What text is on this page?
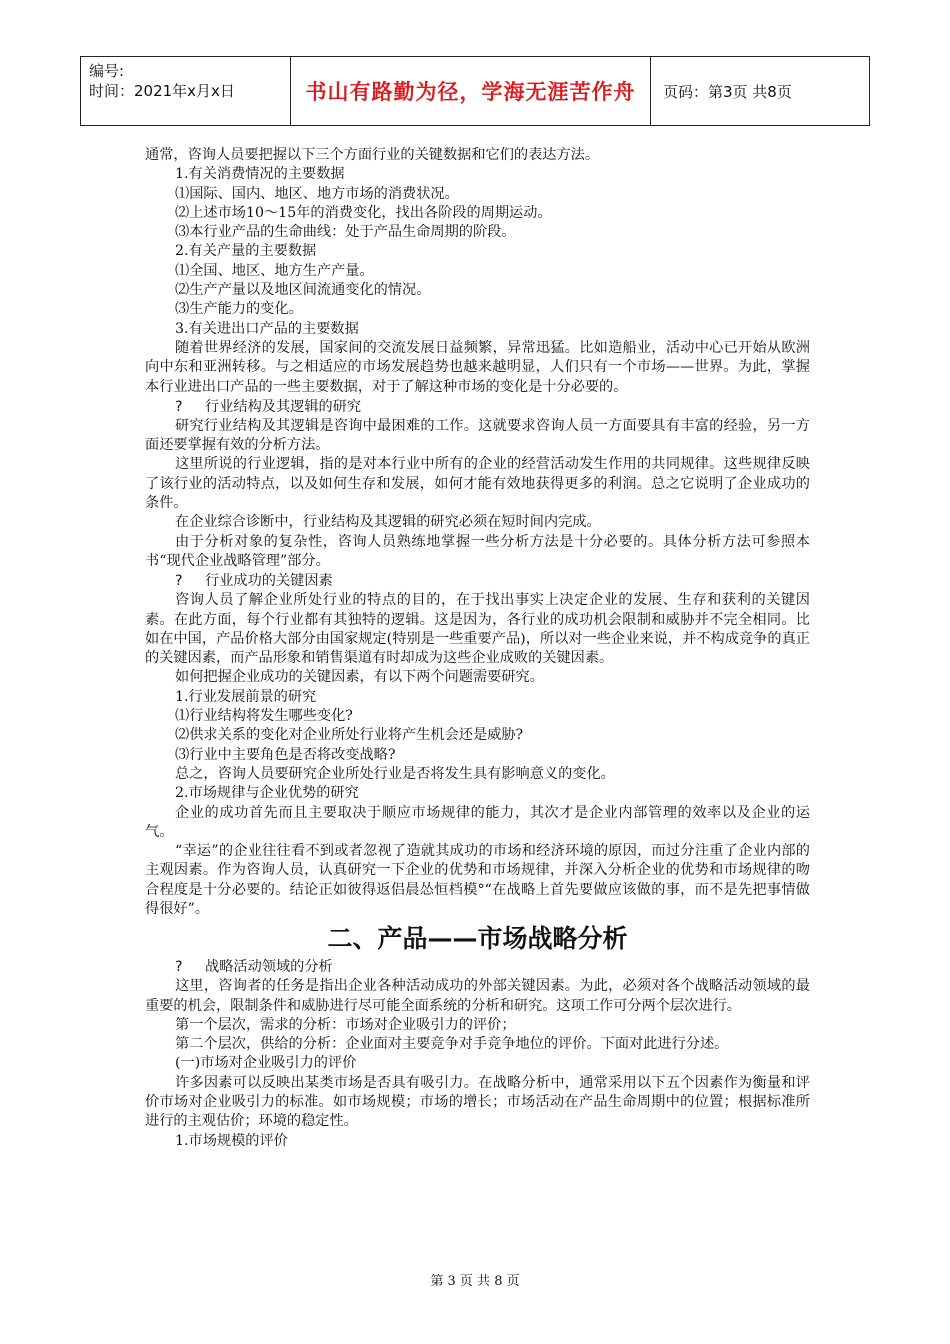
编号:
时间：2021年x月x日	书山有路勤为径，学海无涯苦作舟	页码：第3页 共8页

通常，咨询人员要把握以下三个方面行业的关键数据和它们的表达方法。

1.有关消费情况的主要数据

⑴国际、国内、地区、地方市场的消费状况。

⑵上述市场10～15年的消费变化，找出各阶段的周期运动。

⑶本行业产品的生命曲线：处于产品生命周期的阶段。

2.有关产量的主要数据

⑴全国、地区、地方生产产量。

⑵生产产量以及地区间流通变化的情况。

⑶生产能力的变化。

3.有关进出口产品的主要数据

随着世界经济的发展，国家间的交流发展日益频繁，异常迅猛。比如造船业，活动中心已开始从欧洲向中东和亚洲转移。与之相适应的市场发展趋势也越来越明显，人们只有一个市场——世界。为此，掌握本行业进出口产品的一些主要数据，对于了解这种市场的变化是十分必要的。

? 行业结构及其逻辑的研究

研究行业结构及其逻辑是咨询中最困难的工作。这就要求咨询人员一方面要具有丰富的经验，另一方面还要掌握有效的分析方法。

这里所说的行业逻辑，指的是对本行业中所有的企业的经营活动发生作用的共同规律。这些规律反映了该行业的活动特点，以及如何生存和发展，如何才能有效地获得更多的利润。总之它说明了企业成功的条件。

在企业综合诊断中，行业结构及其逻辑的研究必须在短时间内完成。

由于分析对象的复杂性，咨询人员熟练地掌握一些分析方法是十分必要的。具体分析方法可参照本书“现代企业战略管理”部分。

? 行业成功的关键因素

咨询人员了解企业所处行业的特点的目的，在于找出事实上决定企业的发展、生存和获利的关键因素。在此方面，每个行业都有其独特的逻辑。这是因为，各行业的成功机会限制和威胁并不完全相同。比如在中国，产品价格大部分由国家规定(特别是一些重要产品)，所以对一些企业来说，并不构成竞争的真正的关键因素，而产品形象和销售渠道有时却成为这些企业成败的关键因素。

如何把握企业成功的关键因素，有以下两个问题需要研究。

1.行业发展前景的研究

⑴行业结构将发生哪些变化?

⑵供求关系的变化对企业所处行业将产生机会还是威胁?

⑶行业中主要角色是否将改变战略?

总之，咨询人员要研究企业所处行业是否将发生具有影响意义的变化。

2.市场规律与企业优势的研究

企业的成功首先而且主要取决于顺应市场规律的能力，其次才是企业内部管理的效率以及企业的运气。

“幸运”的企业往往看不到或者忽视了造就其成功的市场和经济环境的原因，而过分注重了企业内部的主观因素。作为咨询人员，认真研究一下企业的优势和市场规律，并深入分析企业的优势和市场规律的吻合程度是十分必要的。结论正如彼得返侣晨怂恒档模°“在战略上首先要做应该做的事，而不是先把事情做得很好”。

二、产品——市场战略分析

? 战略活动领域的分析

这里，咨询者的任务是指出企业各种活动成功的外部关键因素。为此，必须对各个战略活动领域的最重要的机会，限制条件和威胁进行尽可能全面系统的分析和研究。这项工作可分两个层次进行。

第一个层次，需求的分析：市场对企业吸引力的评价；

第二个层次，供给的分析：企业面对主要竞争对手竞争地位的评价。下面对此进行分述。

(一)市场对企业吸引力的评价

许多因素可以反映出某类市场是否具有吸引力。在战略分析中，通常采用以下五个因素作为衡量和评价市场对企业吸引力的标准。如市场规模；市场的增长；市场活动在产品生命周期中的位置；根据标准所进行的主观估价；环境的稳定性。

1.市场规模的评价

第 3 页 共 8 页
